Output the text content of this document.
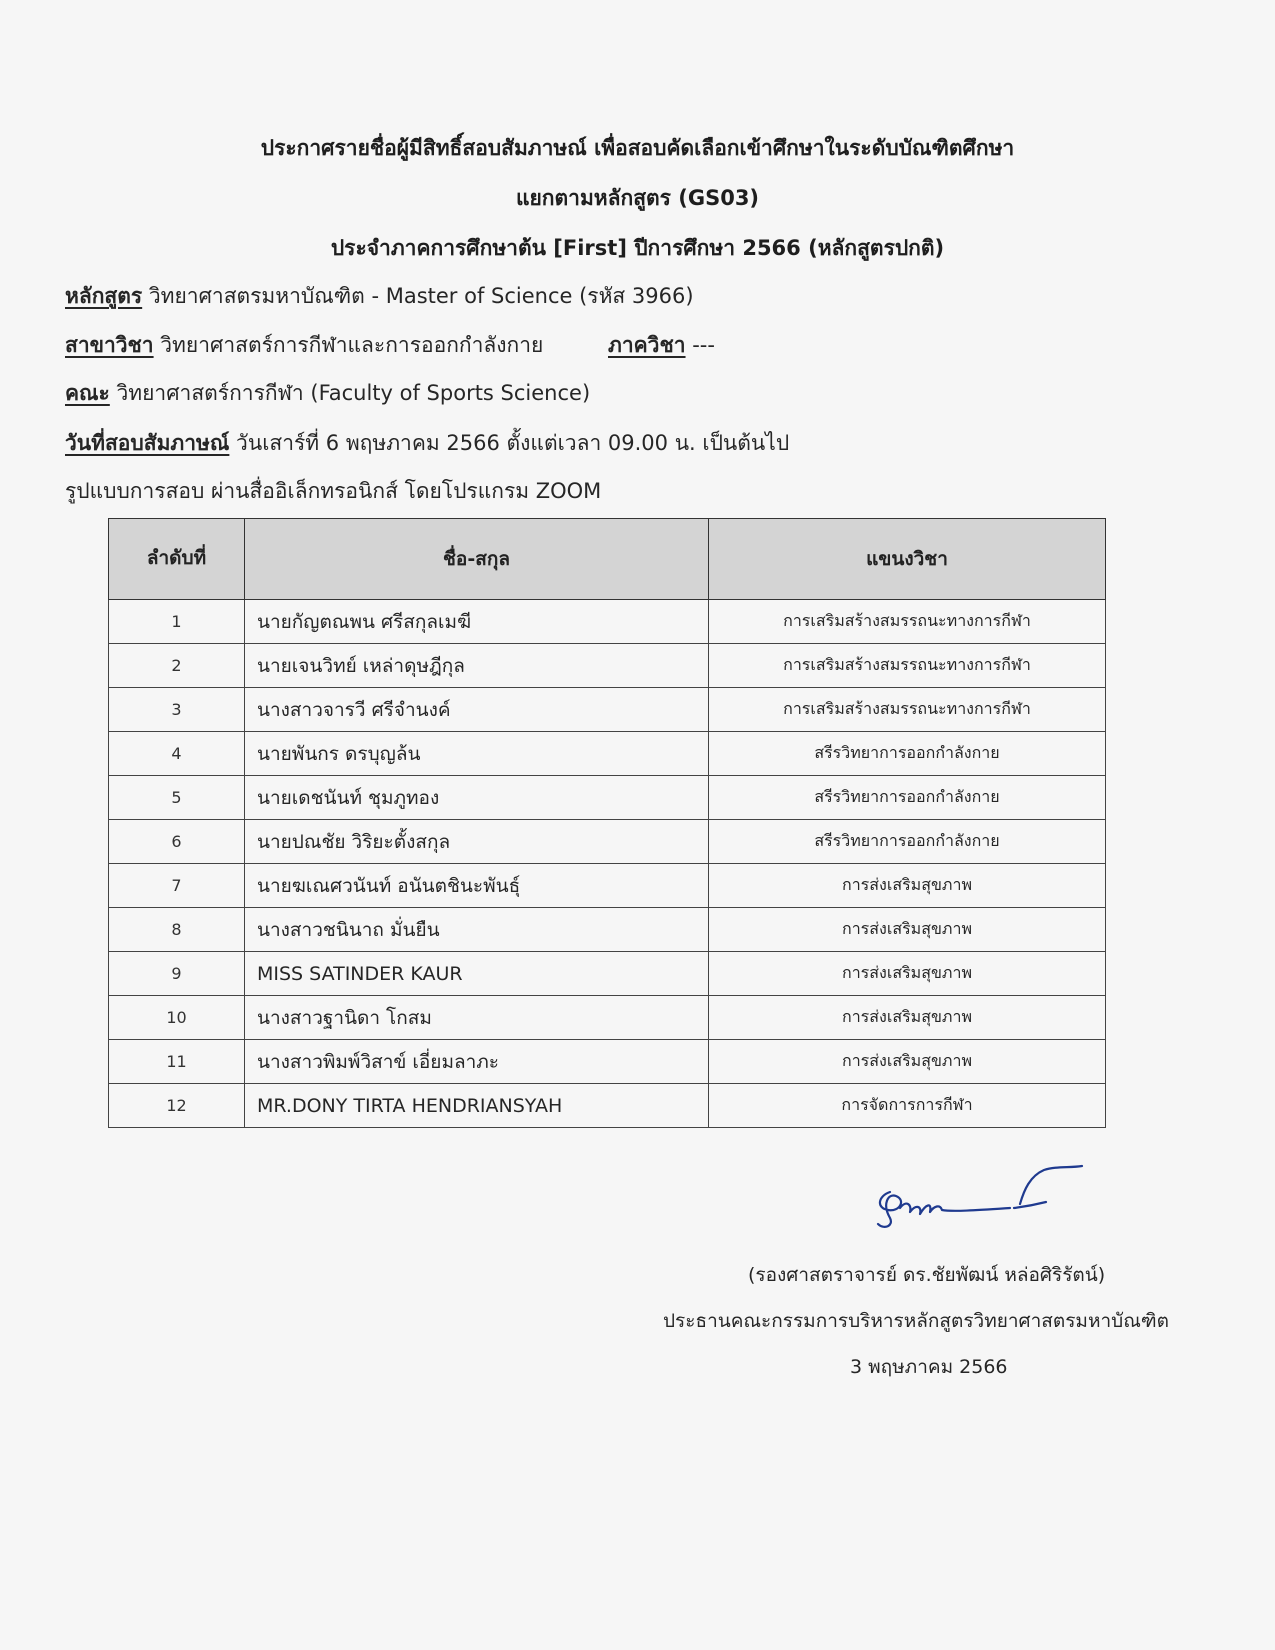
ประกาศรายชื่อผู้มีสิทธิ์สอบสัมภาษณ์ เพื่อสอบคัดเลือกเข้าศึกษาในระดับบัณฑิตศึกษา
แยกตามหลักสูตร (GS03)
ประจำภาคการศึกษาต้น [First] ปีการศึกษา 2566 (หลักสูตรปกติ)
หลักสูตร วิทยาศาสตรมหาบัณฑิต - Master of Science (รหัส 3966)
สาขาวิชา วิทยาศาสตร์การกีฬาและการออกกำลังกาย	ภาควิชา ---
คณะ วิทยาศาสตร์การกีฬา (Faculty of Sports Science)
วันที่สอบสัมภาษณ์ วันเสาร์ที่ 6 พฤษภาคม 2566 ตั้งแต่เวลา 09.00 น. เป็นต้นไป
รูปแบบการสอบ ผ่านสื่ออิเล็กทรอนิกส์ โดยโปรแกรม ZOOM
ลำดับที่	ชื่อ-สกุล	แขนงวิชา
1	นายกัญตณพน ศรีสกุลเมฆี	การเสริมสร้างสมรรถนะทางการกีฬา
2	นายเจนวิทย์ เหล่าดุษฎีกุล	การเสริมสร้างสมรรถนะทางการกีฬา
3	นางสาวจารวี ศรีจำนงค์	การเสริมสร้างสมรรถนะทางการกีฬา
4	นายพันกร ดรบุญล้น	สรีรวิทยาการออกกำลังกาย
5	นายเดชนันท์ ชุมภูทอง	สรีรวิทยาการออกกำลังกาย
6	นายปณชัย วิริยะตั้งสกุล	สรีรวิทยาการออกกำลังกาย
7	นายฆเณศวนันท์ อนันตชินะพันธุ์	การส่งเสริมสุขภาพ
8	นางสาวชนินาถ มั่นยืน	การส่งเสริมสุขภาพ
9	MISS SATINDER KAUR	การส่งเสริมสุขภาพ
10	นางสาวฐานิดา โกสม	การส่งเสริมสุขภาพ
11	นางสาวพิมพ์วิสาข์ เอี่ยมลาภะ	การส่งเสริมสุขภาพ
12	MR.DONY TIRTA HENDRIANSYAH	การจัดการการกีฬา
(รองศาสตราจารย์ ดร.ชัยพัฒน์ หล่อศิริรัตน์)
ประธานคณะกรรมการบริหารหลักสูตรวิทยาศาสตรมหาบัณฑิต
3 พฤษภาคม 2566
